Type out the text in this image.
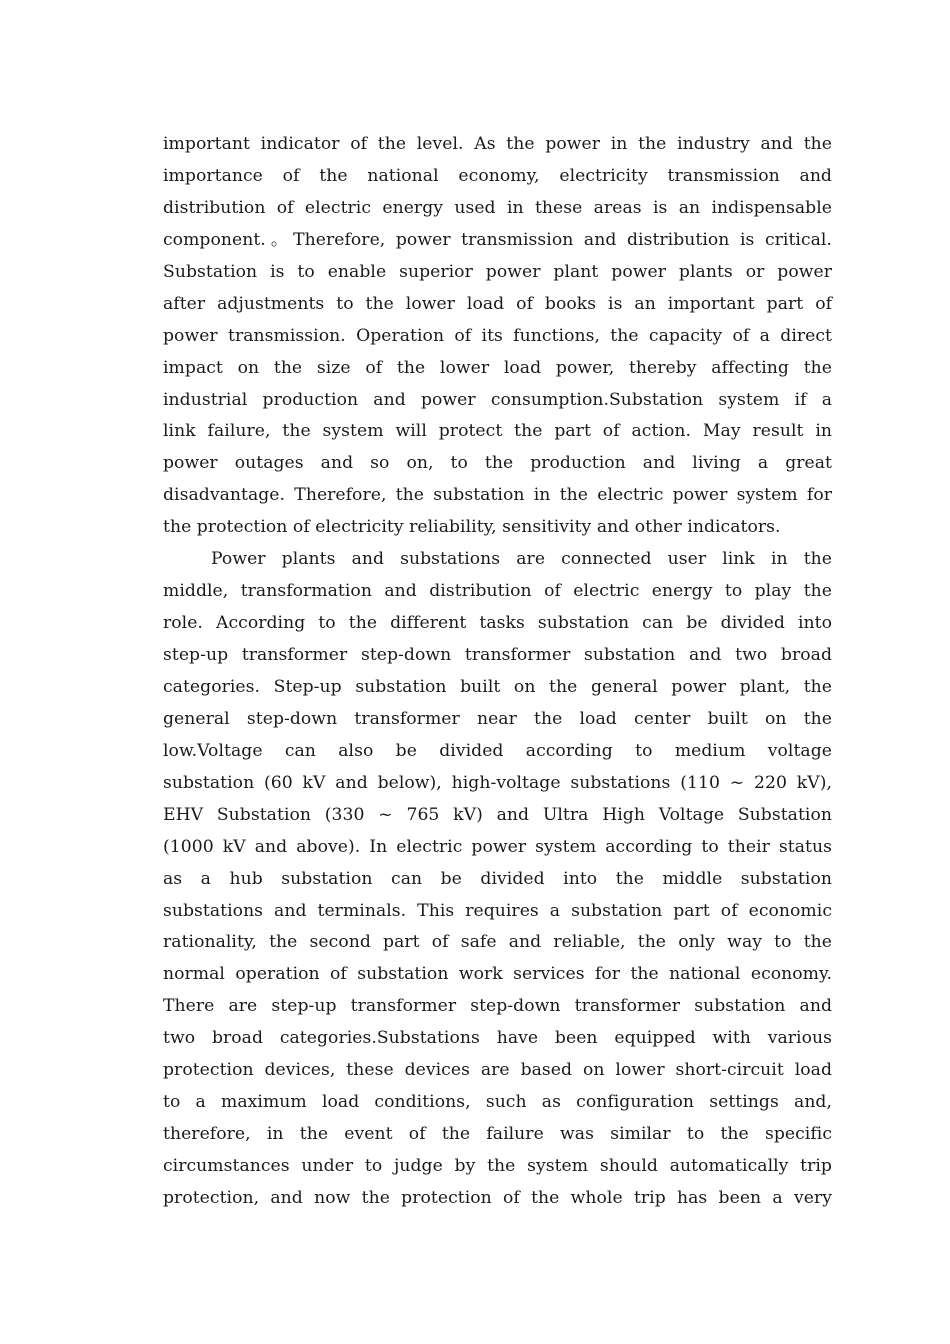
important indicator of the level. As the power in the industry and the
importance of the national economy, electricity transmission and
distribution of electric energy used in these areas is an indispensable
component.。Therefore, power transmission and distribution is critical.
Substation is to enable superior power plant power plants or power
after adjustments to the lower load of books is an important part of
power transmission. Operation of its functions, the capacity of a direct
impact on the size of the lower load power, thereby affecting the
industrial production and power consumption.Substation system if a
link failure, the system will protect the part of action. May result in
power outages and so on, to the production and living a great
disadvantage. Therefore, the substation in the electric power system for
the protection of electricity reliability, sensitivity and other indicators.
Power plants and substations are connected user link in the
middle, transformation and distribution of electric energy to play the
role. According to the different tasks substation can be divided into
step-up transformer step-down transformer substation and two broad
categories. Step-up substation built on the general power plant, the
general step-down transformer near the load center built on the
low.Voltage can also be divided according to medium voltage
substation (60 kV and below), high-voltage substations (110 ~ 220 kV),
EHV Substation (330 ~ 765 kV) and Ultra High Voltage Substation
(1000 kV and above). In electric power system according to their status
as a hub substation can be divided into the middle substation
substations and terminals. This requires a substation part of economic
rationality, the second part of safe and reliable, the only way to the
normal operation of substation work services for the national economy.
There are step-up transformer step-down transformer substation and
two broad categories.Substations have been equipped with various
protection devices, these devices are based on lower short-circuit load
to a maximum load conditions, such as configuration settings and,
therefore, in the event of the failure was similar to the specific
circumstances under to judge by the system should automatically trip
protection, and now the protection of the whole trip has been a very
